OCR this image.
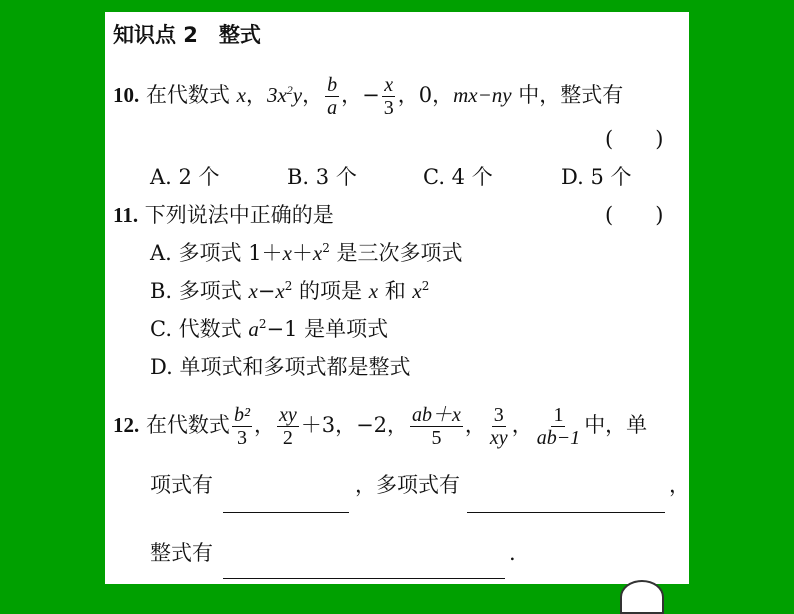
知识点 2　整式
10. 在代数式 x，$3x^2y$， $\frac{b}{a}$ ，− $\frac{x}{3}$ ，0，mx−ny 中，整式有
(　　)
A. 2 个	B. 3 个	C. 4 个	D. 5 个
11. 下列说法中正确的是	(　　)
A. 多项式 $1+x+x^2$ 是三次多项式
B. 多项式 $x-x^2$ 的项是 x 和 $x^2$
C. 代数式 $a^2-1$ 是单项式
D. 单项式和多项式都是整式
12. 在代数式 $\frac{\text{b²}}{3}$ ， $\frac{xy}{2} +3$，−2， $\frac{ab+x}{5}$ ， $\frac{3}{xy}$ ， $\frac{1}{ab-1}$ 中，单
项式有	，多项式有	，
整式有	.
